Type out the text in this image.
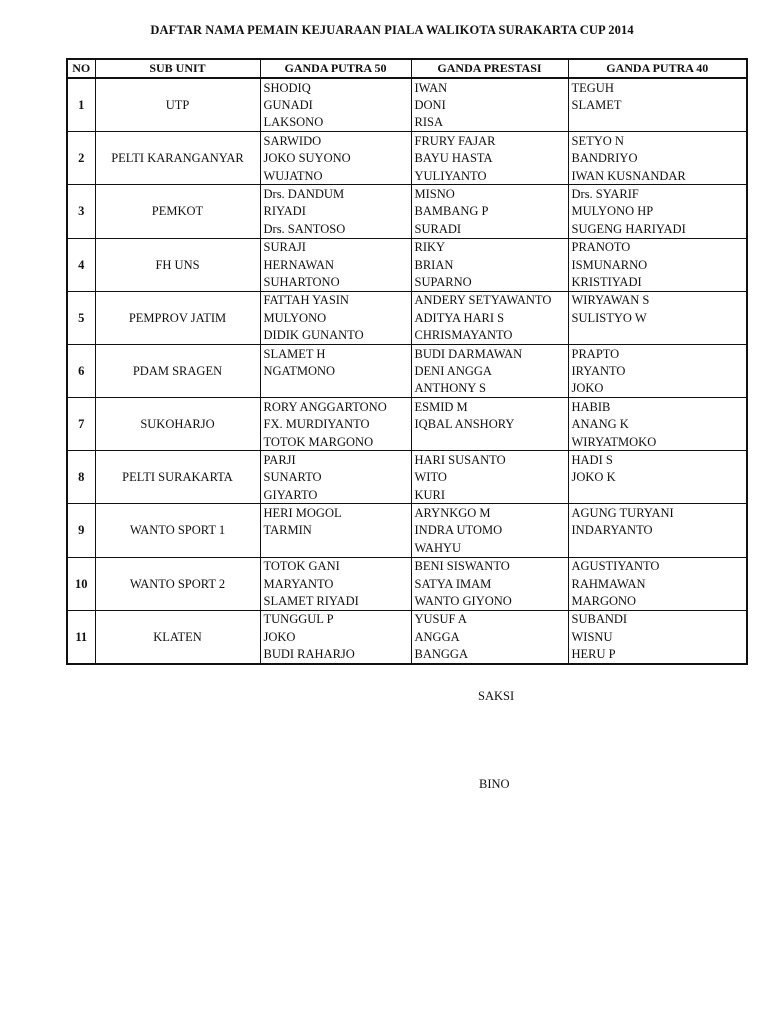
DAFTAR NAMA PEMAIN KEJUARAAN PIALA WALIKOTA SURAKARTA CUP 2014
NO	SUB UNIT	GANDA PUTRA 50	GANDA PRESTASI	GANDA PUTRA 40
1	UTP	SHODIQ	IWAN	TEGUH
		GUNADI	DONI	SLAMET
		LAKSONO	RISA	
2	PELTI KARANGANYAR	SARWIDO	FRURY FAJAR	SETYO N
		JOKO SUYONO	BAYU HASTA	BANDRIYO
		WUJATNO	YULIYANTO	IWAN KUSNANDAR
3	PEMKOT	Drs. DANDUM	MISNO	Drs. SYARIF
		RIYADI	BAMBANG P	MULYONO HP
		Drs. SANTOSO	SURADI	SUGENG HARIYADI
4	FH UNS	SURAJI	RIKY	PRANOTO
		HERNAWAN	BRIAN	ISMUNARNO
		SUHARTONO	SUPARNO	KRISTIYADI
5	PEMPROV JATIM	FATTAH YASIN	ANDERY SETYAWANTO	WIRYAWAN S
		MULYONO	ADITYA HARI S	SULISTYO W
		DIDIK GUNANTO	CHRISMAYANTO	
6	PDAM SRAGEN	SLAMET H	BUDI DARMAWAN	PRAPTO
		NGATMONO	DENI ANGGA	IRYANTO
			ANTHONY S	JOKO
7	SUKOHARJO	RORY ANGGARTONO	ESMID M	HABIB
		FX. MURDIYANTO	IQBAL ANSHORY	ANANG K
		TOTOK MARGONO		WIRYATMOKO
8	PELTI SURAKARTA	PARJI	HARI SUSANTO	HADI S
		SUNARTO	WITO	JOKO K
		GIYARTO	KURI	
9	WANTO SPORT 1	HERI MOGOL	ARYNKGO M	AGUNG TURYANI
		TARMIN	INDRA UTOMO	INDARYANTO
			WAHYU	
10	WANTO SPORT 2	TOTOK GANI	BENI SISWANTO	AGUSTIYANTO
		MARYANTO	SATYA IMAM	RAHMAWAN
		SLAMET RIYADI	WANTO GIYONO	MARGONO
11	KLATEN	TUNGGUL P	YUSUF A	SUBANDI
		JOKO	ANGGA	WISNU
		BUDI RAHARJO	BANGGA	HERU P
SAKSI
BINO
